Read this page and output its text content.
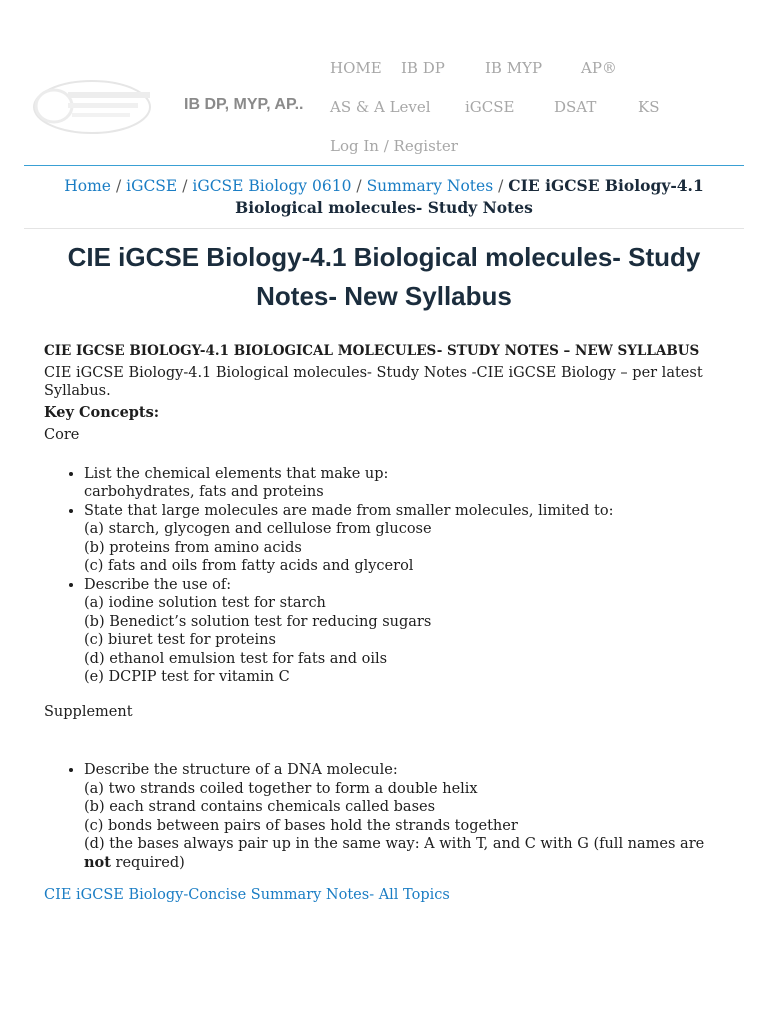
IB DP, MYP, AP..
HOME IB DP	IB MYP	AP®
AS & A Level iGCSE	DSAT	KS
Log In / Register
Home / iGCSE / iGCSE Biology 0610 / Summary Notes / CIE iGCSE Biology-4.1 Biological molecules- Study Notes
CIE iGCSE Biology-4.1 Biological molecules- Study Notes- New Syllabus

CIE IGCSE BIOLOGY-4.1 BIOLOGICAL MOLECULES- STUDY NOTES – NEW SYLLABUS

CIE iGCSE Biology-4.1 Biological molecules- Study Notes -CIE iGCSE Biology – per latest Syllabus.

Key Concepts:

Core

• List the chemical elements that make up:
carbohydrates, fats and proteins
• State that large molecules are made from smaller molecules, limited to:
(a) starch, glycogen and cellulose from glucose
(b) proteins from amino acids
(c) fats and oils from fatty acids and glycerol
• Describe the use of:
(a) iodine solution test for starch
(b) Benedict’s solution test for reducing sugars
(c) biuret test for proteins
(d) ethanol emulsion test for fats and oils
(e) DCPIP test for vitamin C

Supplement

• Describe the structure of a DNA molecule:
(a) two strands coiled together to form a double helix
(b) each strand contains chemicals called bases
(c) bonds between pairs of bases hold the strands together
(d) the bases always pair up in the same way: A with T, and C with G (full names are not required)

CIE iGCSE Biology-Concise Summary Notes- All Topics
